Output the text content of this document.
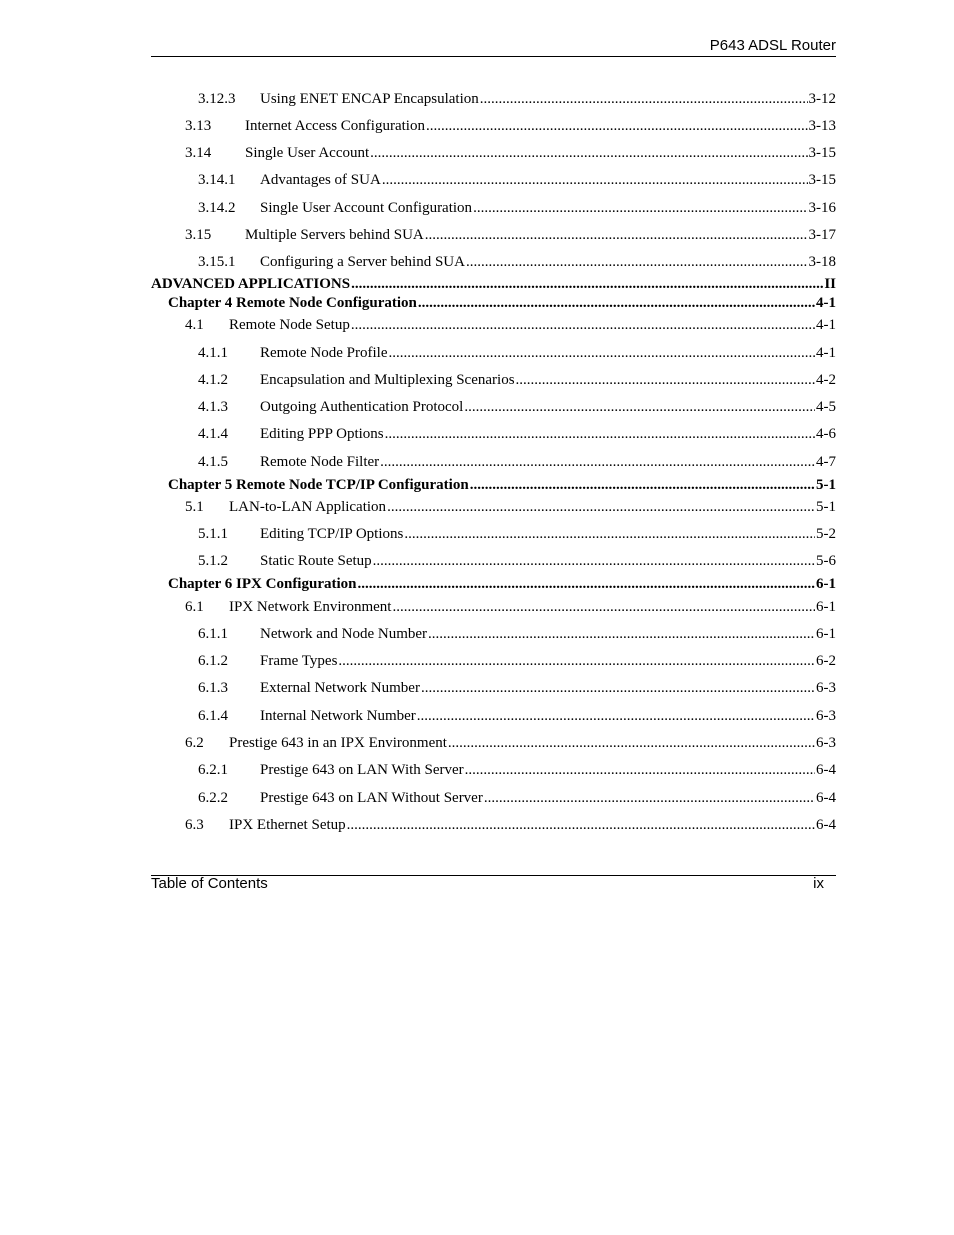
P643 ADSL Router
3.12.3 Using ENET ENCAP Encapsulation .....	3-12
3.13 Internet Access Configuration .....	3-13
3.14 Single User Account .....	3-15
3.14.1 Advantages of SUA .....	3-15
3.14.2 Single User Account Configuration .....	3-16
3.15 Multiple Servers behind SUA .....	3-17
3.15.1 Configuring a Server behind SUA .....	3-18
ADVANCED APPLICATIONS .....	II
Chapter 4 Remote Node Configuration .....	4-1
4.1 Remote Node Setup .....	4-1
4.1.1 Remote Node Profile .....	4-1
4.1.2 Encapsulation and Multiplexing Scenarios .....	4-2
4.1.3 Outgoing Authentication Protocol .....	4-5
4.1.4 Editing PPP Options .....	4-6
4.1.5 Remote Node Filter .....	4-7
Chapter 5 Remote Node TCP/IP Configuration .....	5-1
5.1 LAN-to-LAN Application .....	5-1
5.1.1 Editing TCP/IP Options .....	5-2
5.1.2 Static Route Setup .....	5-6
Chapter 6 IPX Configuration .....	6-1
6.1 IPX Network Environment .....	6-1
6.1.1 Network and Node Number .....	6-1
6.1.2 Frame Types .....	6-2
6.1.3 External Network Number .....	6-3
6.1.4 Internal Network Number .....	6-3
6.2 Prestige 643 in an IPX Environment .....	6-3
6.2.1 Prestige 643 on LAN With Server .....	6-4
6.2.2 Prestige 643 on LAN Without Server .....	6-4
6.3 IPX Ethernet Setup .....	6-4
Table of Contents	ix
